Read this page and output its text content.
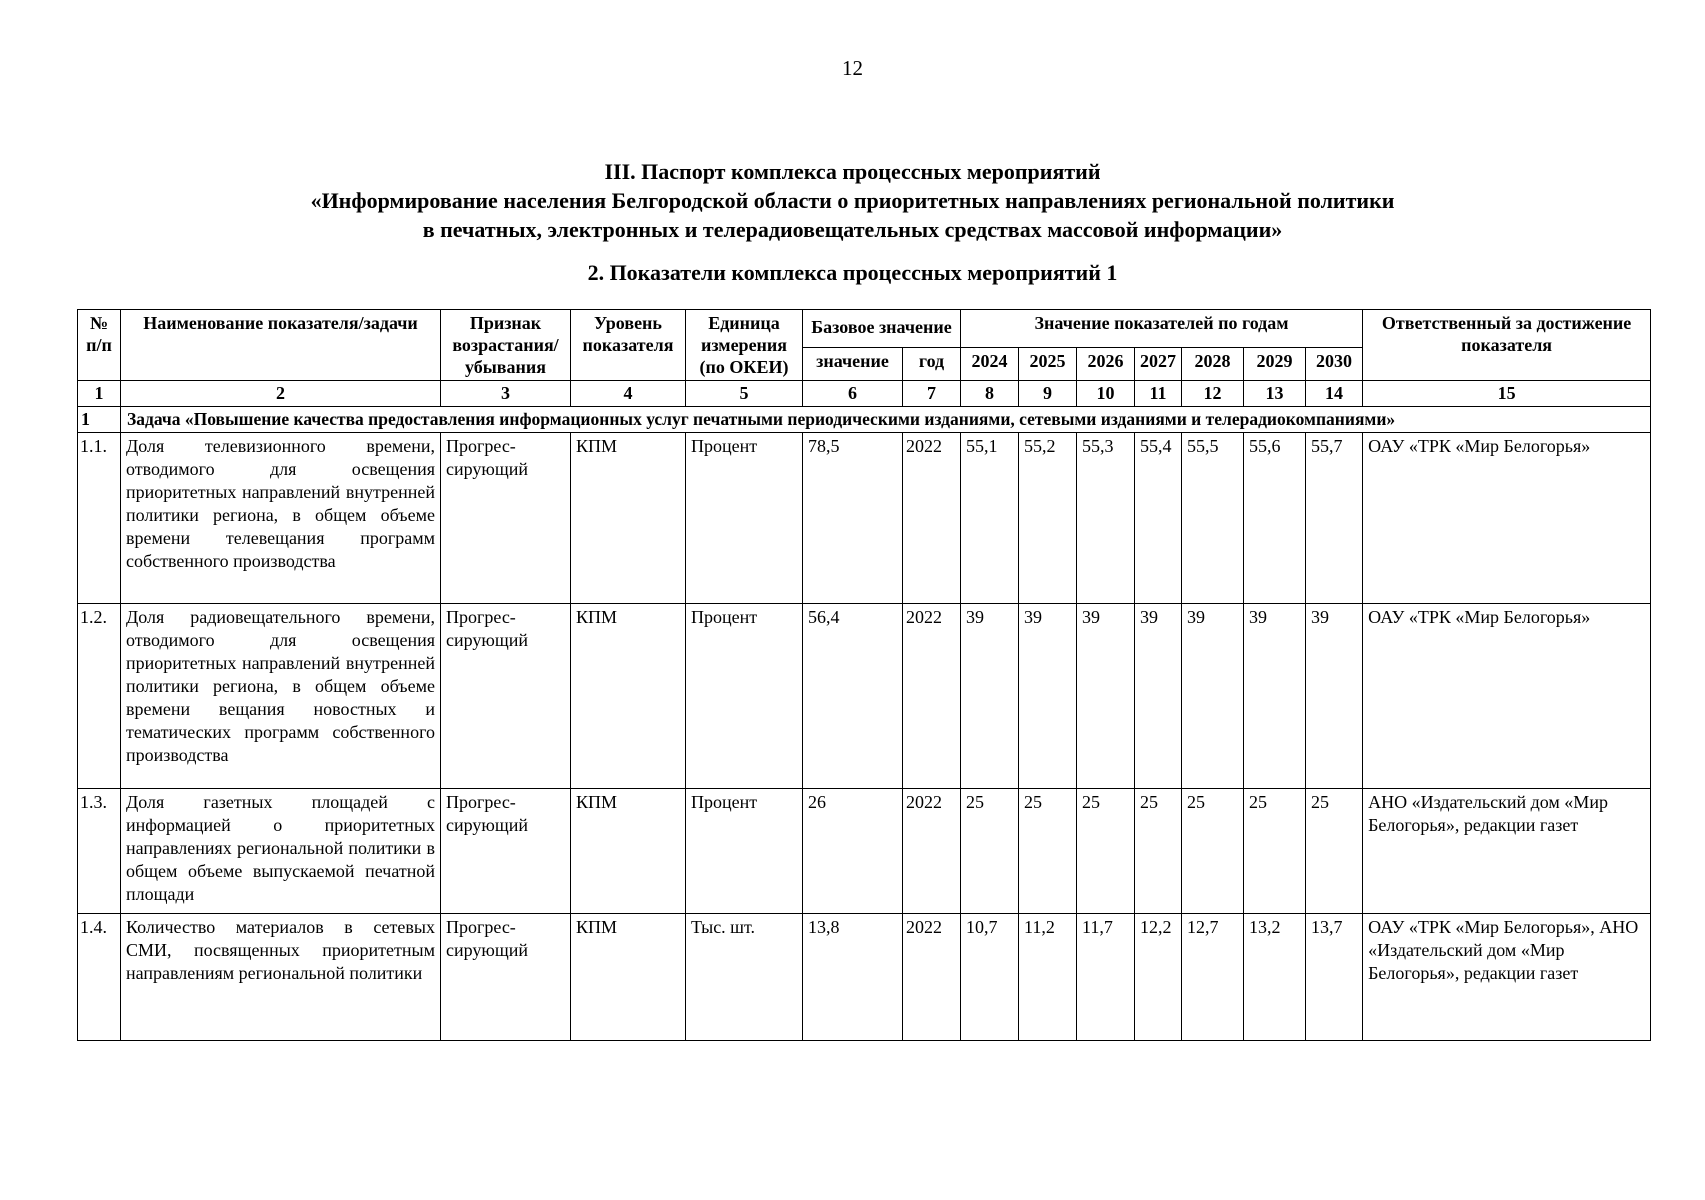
12
III. Паспорт комплекса процессных мероприятий
«Информирование населения Белгородской области о приоритетных направлениях региональной политики
в печатных, электронных и телерадиовещательных средствах массовой информации»
2. Показатели комплекса процессных мероприятий 1
№ п/п	Наименование показателя/задачи	Признак возрастания/ убывания	Уровень показателя	Единица измерения (по ОКЕИ)	Базовое значение		Значение показателей по годам							Ответственный за достижение показателя
					значение	год	2024	2025	2026	2027	2028	2029	2030	
1	2	3	4	5	6	7	8	9	10	11	12	13	14	15
1	Задача «Повышение качества предоставления информационных услуг печатными периодическими изданиями, сетевыми изданиями и телерадиокомпаниями»													
1.1.	Доля телевизионного времени, отводимого для освещения приоритетных направлений внутренней политики региона, в общем объеме времени телевещания программ собственного производства	Прогрес-сирующий	КПМ	Процент	78,5	2022	55,1	55,2	55,3	55,4	55,5	55,6	55,7	ОАУ «ТРК «Мир Белогорья»
1.2.	Доля радиовещательного времени, отводимого для освещения приоритетных направлений внутренней политики региона, в общем объеме времени вещания новостных и тематических программ собственного производства	Прогрес-сирующий	КПМ	Процент	56,4	2022	39	39	39	39	39	39	39	ОАУ «ТРК «Мир Белогорья»
1.3.	Доля газетных площадей с информацией о приоритетных направлениях региональной политики в общем объеме выпускаемой печатной площади	Прогрес-сирующий	КПМ	Процент	26	2022	25	25	25	25	25	25	25	АНО «Издательский дом «Мир Белогорья», редакции газет
1.4.	Количество материалов в сетевых СМИ, посвященных приоритетным направлениям региональной политики	Прогрес-сирующий	КПМ	Тыс. шт.	13,8	2022	10,7	11,2	11,7	12,2	12,7	13,2	13,7	ОАУ «ТРК «Мир Белогорья», АНО «Издательский дом «Мир Белогорья», редакции газет
